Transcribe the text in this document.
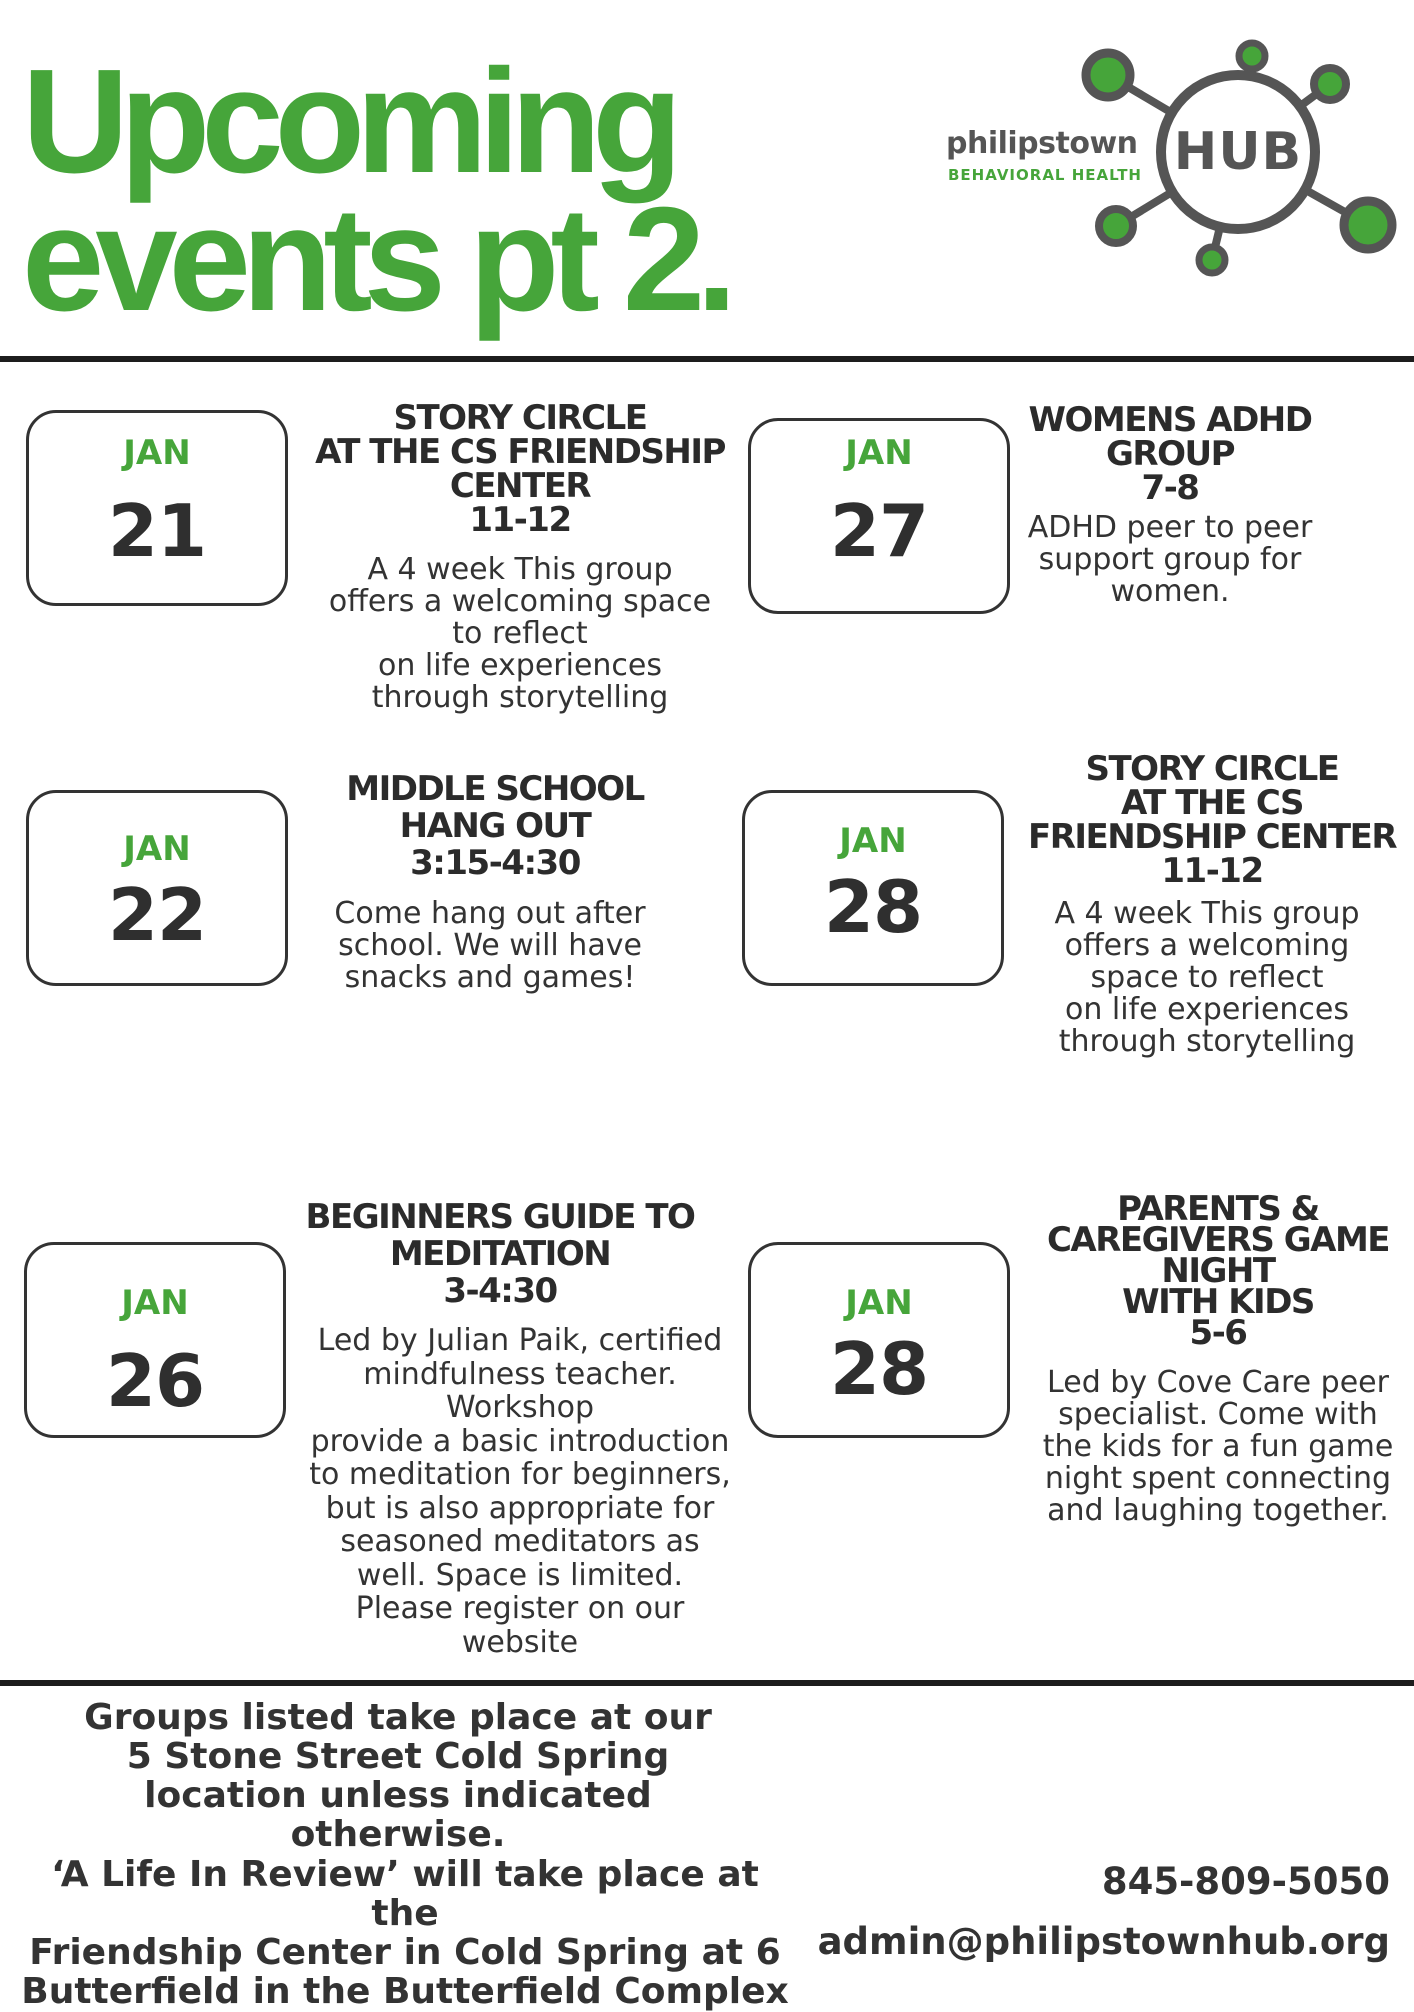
Upcoming
events pt 2.
HUB
philipstown
BEHAVIORAL HEALTH
JAN
21
STORY CIRCLE
AT THE CS FRIENDSHIP
CENTER
11-12
A 4 week This group
offers a welcoming space
to reflect
on life experiences
through storytelling
JAN
27
WOMENS ADHD
GROUP
7-8
ADHD peer to peer
support group for
women.
JAN
22
MIDDLE SCHOOL
HANG OUT
3:15-4:30
Come hang out after
school. We will have
snacks and games!
JAN
28
STORY CIRCLE
AT THE CS
FRIENDSHIP CENTER
11-12
A 4 week This group
offers a welcoming
space to reflect
on life experiences
through storytelling
JAN
26
BEGINNERS GUIDE TO
MEDITATION
3-4:30
Led by Julian Paik, certified
mindfulness teacher.
Workshop
provide a basic introduction
to meditation for beginners,
but is also appropriate for
seasoned meditators as
well. Space is limited.
Please register on our
website
JAN
28
PARENTS &
CAREGIVERS GAME
NIGHT
WITH KIDS
5-6
Led by Cove Care peer
specialist. Come with
the kids for a fun game
night spent connecting
and laughing together.
Groups listed take place at our
5 Stone Street Cold Spring
location unless indicated otherwise.
‘A Life In Review’ will take place at the
Friendship Center in Cold Spring at 6
Butterfield in the Butterfield Complex
845-809-5050
admin@philipstownhub.org
